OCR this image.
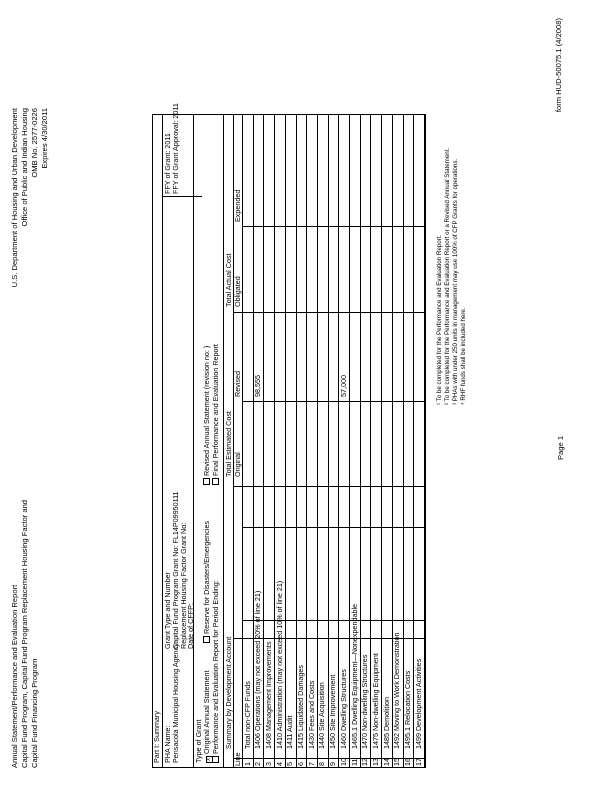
Annual Statement/Performance and Evaluation Report Capital Fund Program, Capital Fund Program Replacement Housing Factor and Capital Fund Financing Program
U.S. Department of Housing and Urban Development Office of Public and Indian Housing OMB No. 2577-0226 Expires 4/30/2011
Part I: Summary PHA Name: Pensacola Municipal Housing Agency
Grant Type and Number Capital Fund Program Grant No: FL14P09950111 Replacement Housing Factor Grant No:
Date of CFFP:
FFY of Grant: 2011 FFY of Grant Approval: 2011
Type of Grant xOriginal Annual Statement
Reserve for Disasters/Emergencies
Revised Annual Statement (revision no: )
Performance and Evaluation Report for Period Ending:
Final Performance and Evaluation Report
Line
Summary by Development Account
Total Estimated Cost
Total Actual Cost
Original
Revised
Obligated
Expended
1
Total non-CFP Funds
2
1406 Operations (may not exceed 20% of line 21)
98,555
3
1408 Management Improvements
4
1410 Administration (may not exceed 10% of line 21)
5
1411 Audit
6
1415 Liquidated Damages
7
1430 Fees and Costs
8
1440 Site Acquisition
9
1450 Site Improvement
10
1460 Dwelling Structures
57,000
11
1465.1 Dwelling Equipment—Nonexpendable
12
1470 Non-dwelling Structures
13
1475 Non-dwelling Equipment
14
1485 Demolition
15
1492 Moving to Work Demonstration
16
1495.1 Relocation Costs
17
1499 Development Activities
¹ To be completed for the Performance and Evaluation Report. ² To be completed for the Performance and Evaluation Report or a Revised Annual Statement. ³ PHAs with under 250 units in management may use 100% of CFP Grants for operations. ⁴ RHF funds shall be included here.
Page 1
form HUD-50075.1 (4/2008)
